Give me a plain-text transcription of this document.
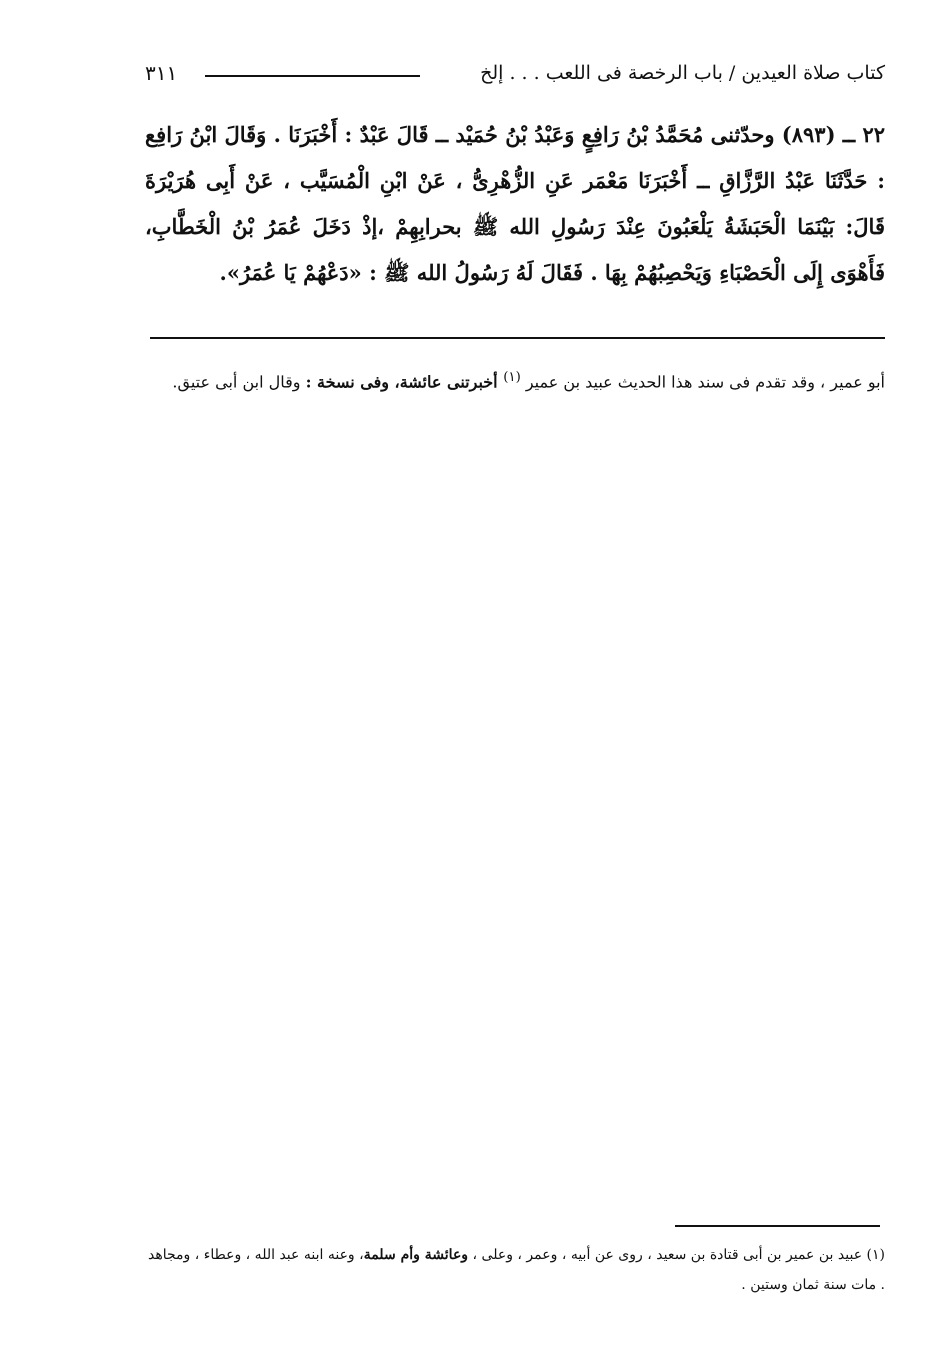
كتاب صلاة العيدين / باب الرخصة فى اللعب . . . إلخ
٣١١
٢٢ ــ (٨٩٣) وحدّثنى مُحَمَّدُ بْنُ رَافِعٍ وَعَبْدُ بْنُ حُمَيْد ــ قَالَ عَبْدٌ : أَخْبَرَنَا . وَقَالَ ابْنُ رَافِع : حَدَّثَنَا عَبْدُ الرَّزَّاقِ ــ أَخْبَرَنَا مَعْمَر عَنِ الزُّهْرِىُّ ، عَنْ ابْنِ الْمُسَيَّب ، عَنْ أَبِى هُرَيْرَةَ قَالَ: بَيْنَمَا الْحَبَشَةُ يَلْعَبُونَ عِنْدَ رَسُولِ الله ﷺ بحرابِهِمْ ،إذْ دَخَلَ عُمَرُ بْنُ الْخَطَّابِ، فَأَهْوَى إِلَى الْحَصْبَاءِ وَيَحْصِبُهُمْ بِهَا . فَقَالَ لَهُ رَسُولُ الله ﷺ : «دَعْهُمْ يَا عُمَرُ».
أبو عمير ، وقد تقدم فى سند هذا الحديث عبيد بن عمير $^{(١)}$ أخبرتنى عائشة، وفى نسخة : وقال ابن أبى عتيق.
(١) عبيد بن عمير بن أبى قتادة بن سعيد ، روى عن أبيه ، وعمر ، وعلى ، وعائشة وأم سلمة، وعنه ابنه عبد الله ، وعطاء ، ومجاهد . مات سنة ثمان وستين .
